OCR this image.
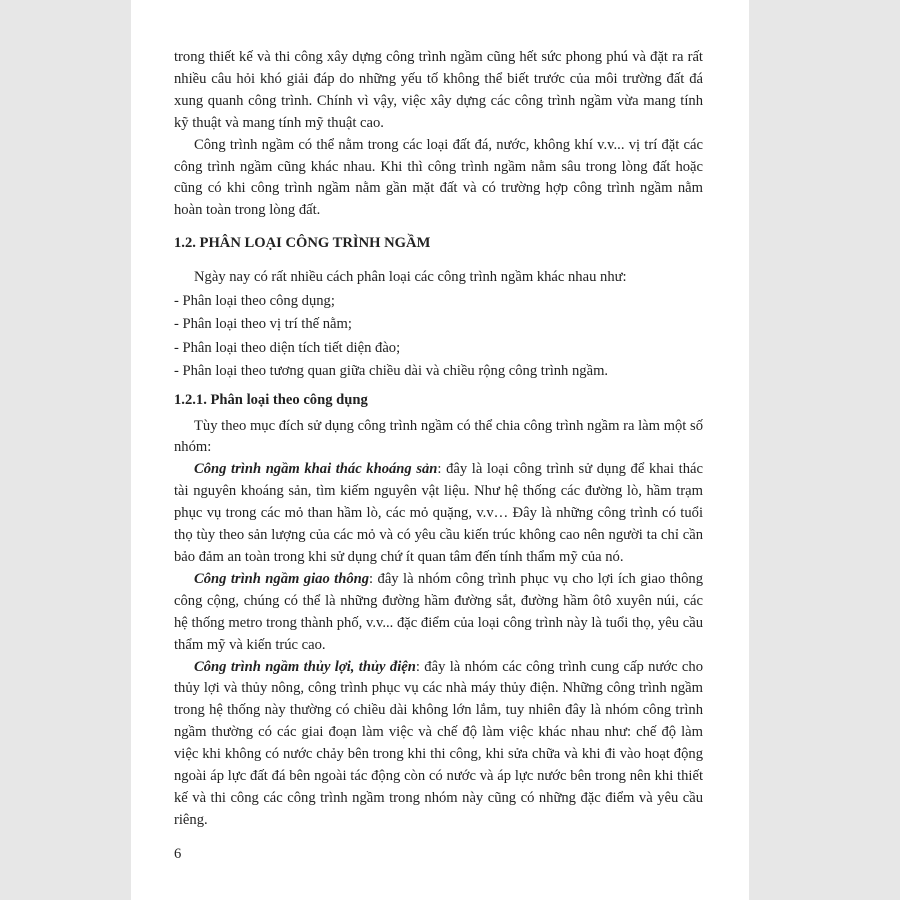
trong thiết kế và thi công xây dựng công trình ngầm cũng hết sức phong phú và đặt ra rất nhiều câu hỏi khó giải đáp do những yếu tố không thể biết trước của môi trường đất đá xung quanh công trình. Chính vì vậy, việc xây dựng các công trình ngầm vừa mang tính kỹ thuật và mang tính mỹ thuật cao.

Công trình ngầm có thể nằm trong các loại đất đá, nước, không khí v.v... vị trí đặt các công trình ngầm cũng khác nhau. Khi thì công trình ngầm nằm sâu trong lòng đất hoặc cũng có khi công trình ngầm nằm gần mặt đất và có trường hợp công trình ngầm nằm hoàn toàn trong lòng đất.

1.2. PHÂN LOẠI CÔNG TRÌNH NGẦM
Ngày nay có rất nhiều cách phân loại các công trình ngầm khác nhau như:
- Phân loại theo công dụng;
- Phân loại theo vị trí thế nằm;
- Phân loại theo diện tích tiết diện đào;
- Phân loại theo tương quan giữa chiều dài và chiều rộng công trình ngầm.
1.2.1. Phân loại theo công dụng

Tùy theo mục đích sử dụng công trình ngầm có thể chia công trình ngầm ra làm một số nhóm:

Công trình ngầm khai thác khoáng sản: đây là loại công trình sử dụng để khai thác tài nguyên khoáng sản, tìm kiếm nguyên vật liệu. Như hệ thống các đường lò, hầm trạm phục vụ trong các mỏ than hầm lò, các mỏ quặng, v.v… Đây là những công trình có tuổi thọ tùy theo sản lượng của các mỏ và có yêu cầu kiến trúc không cao nên người ta chỉ cần bảo đảm an toàn trong khi sử dụng chứ ít quan tâm đến tính thẩm mỹ của nó.

Công trình ngầm giao thông: đây là nhóm công trình phục vụ cho lợi ích giao thông công cộng, chúng có thể là những đường hầm đường sắt, đường hầm ôtô xuyên núi, các hệ thống metro trong thành phố, v.v... đặc điểm của loại công trình này là tuổi thọ, yêu cầu thẩm mỹ và kiến trúc cao.

Công trình ngầm thủy lợi, thủy điện: đây là nhóm các công trình cung cấp nước cho thủy lợi và thủy nông, công trình phục vụ các nhà máy thủy điện. Những công trình ngầm trong hệ thống này thường có chiều dài không lớn lắm, tuy nhiên đây là nhóm công trình ngầm thường có các giai đoạn làm việc và chế độ làm việc khác nhau như: chế độ làm việc khi không có nước chảy bên trong khi thi công, khi sửa chữa và khi đi vào hoạt động ngoài áp lực đất đá bên ngoài tác động còn có nước và áp lực nước bên trong nên khi thiết kế và thi công các công trình ngầm trong nhóm này cũng có những đặc điểm và yêu cầu riêng.

6
